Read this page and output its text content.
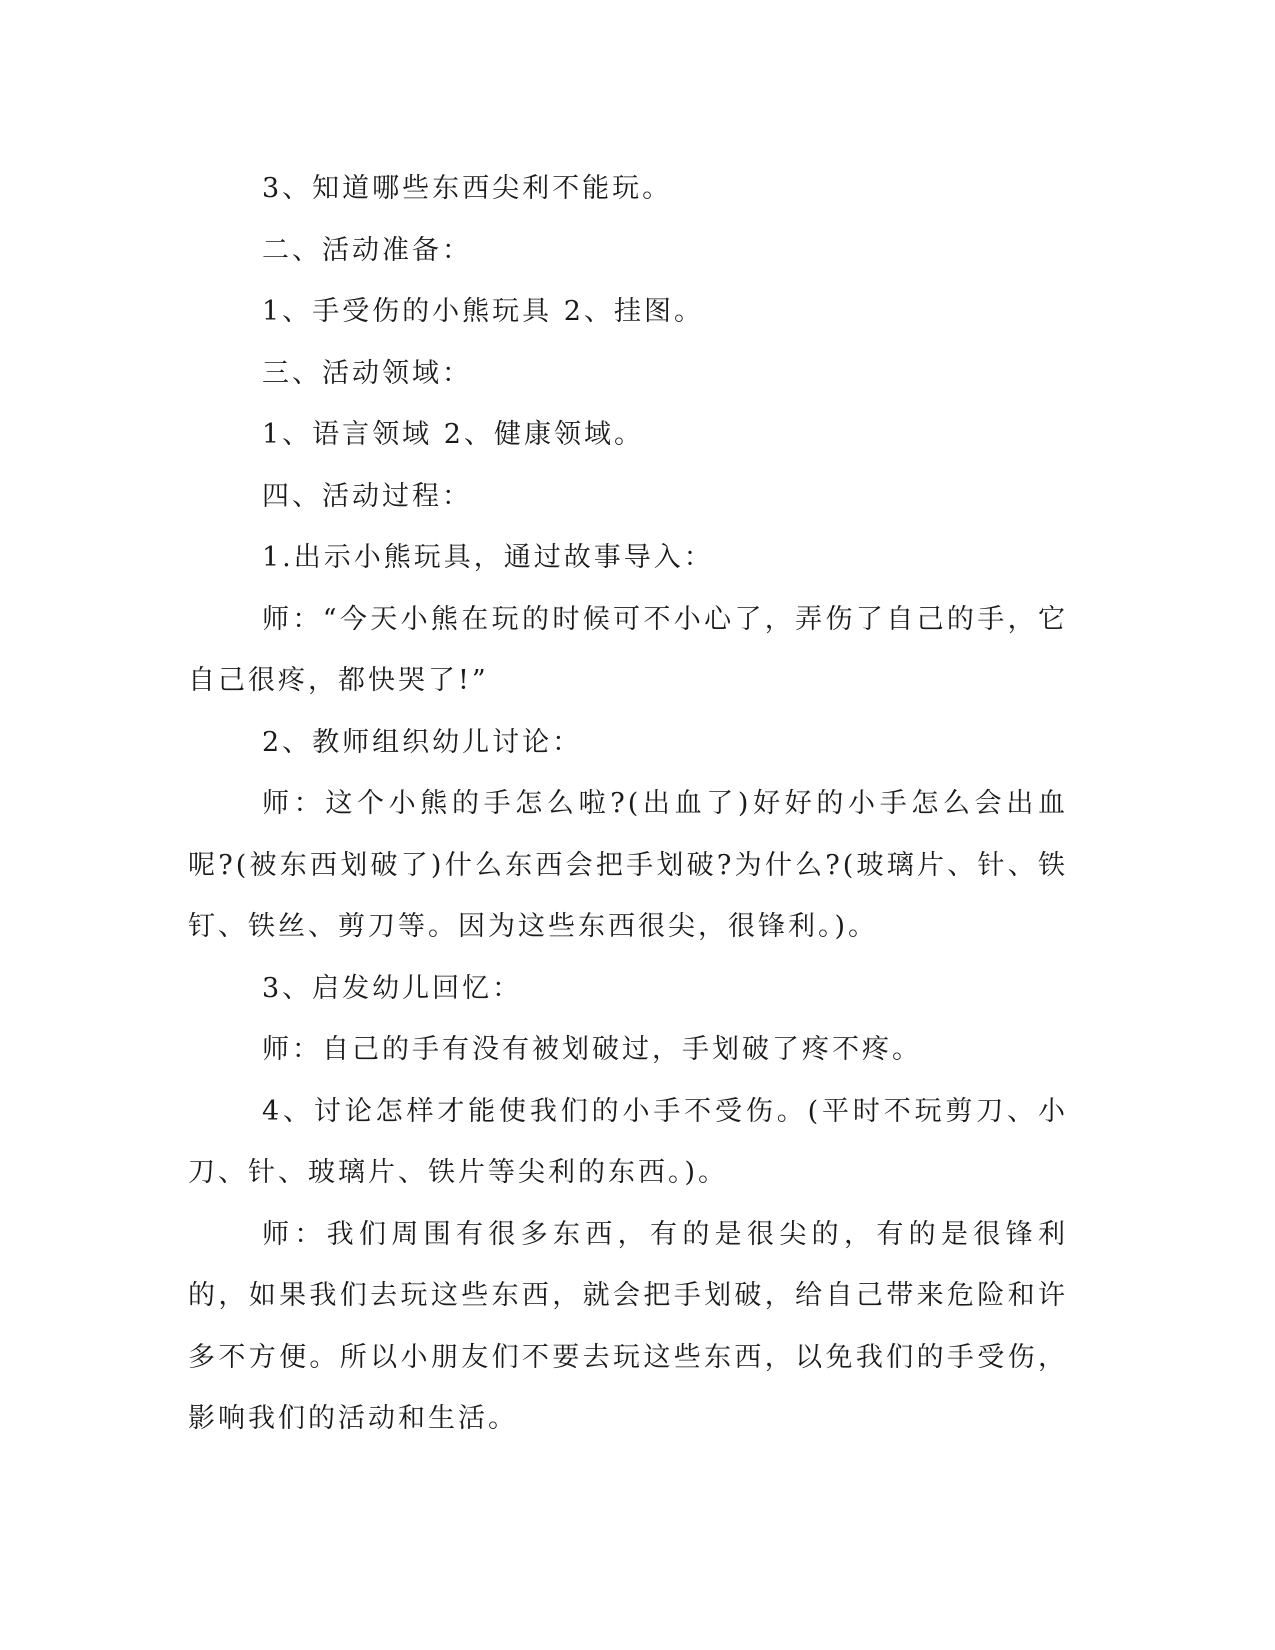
3、知道哪些东西尖利不能玩。

二、活动准备：

1、手受伤的小熊玩具 2、挂图。

三、活动领域：

1、语言领域 2、健康领域。

四、活动过程：

1.出示小熊玩具，通过故事导入：

师：“今天小熊在玩的时候可不小心了，弄伤了自己的手，它自己很疼，都快哭了!”

2、教师组织幼儿讨论：

师：这个小熊的手怎么啦?(出血了)好好的小手怎么会出血呢?(被东西划破了)什么东西会把手划破?为什么?(玻璃片、针、铁钉、铁丝、剪刀等。因为这些东西很尖，很锋利。)。

3、启发幼儿回忆：

师：自己的手有没有被划破过，手划破了疼不疼。

4、讨论怎样才能使我们的小手不受伤。(平时不玩剪刀、小刀、针、玻璃片、铁片等尖利的东西。)。

师：我们周围有很多东西，有的是很尖的，有的是很锋利的，如果我们去玩这些东西，就会把手划破，给自己带来危险和许多不方便。所以小朋友们不要去玩这些东西，以免我们的手受伤，影响我们的活动和生活。
